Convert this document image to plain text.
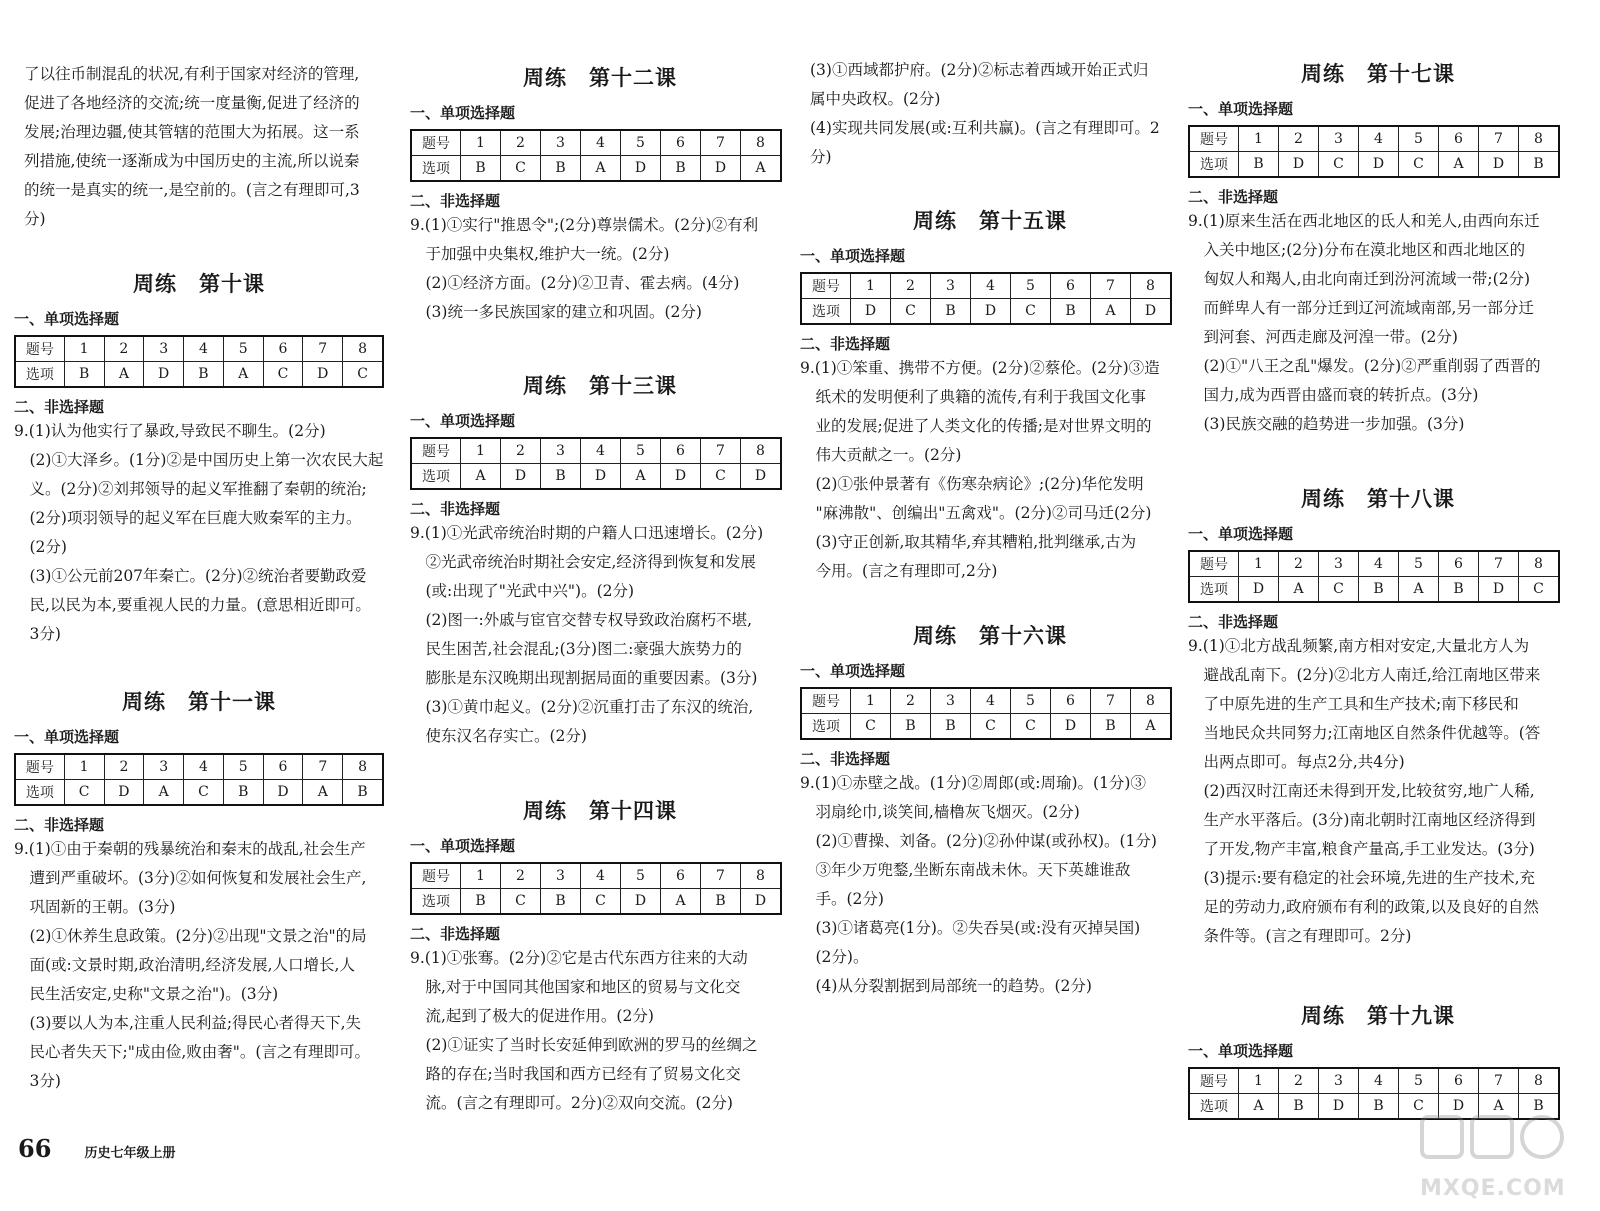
了以往币制混乱的状况,有利于国家对经济的管理,

促进了各地经济的交流;统一度量衡,促进了经济的

发展;治理边疆,使其管辖的范围大为拓展。这一系

列措施,使统一逐渐成为中国历史的主流,所以说秦

的统一是真实的统一,是空前的。(言之有理即可,3

分)

周练　第十课

一、单项选择题

题号	1	2	3	4	5	6	7	8
选项	B	A	D	B	A	C	D	C

二、非选择题

9.(1)认为他实行了暴政,导致民不聊生。(2分)

　(2)①大泽乡。(1分)②是中国历史上第一次农民大起

　义。(2分)②刘邦领导的起义军推翻了秦朝的统治;

　(2分)项羽领导的起义军在巨鹿大败秦军的主力。

　(2分)

　(3)①公元前207年秦亡。(2分)②统治者要勤政爱

　民,以民为本,要重视人民的力量。(意思相近即可。

　3分)

周练　第十一课

一、单项选择题

题号	1	2	3	4	5	6	7	8
选项	C	D	A	C	B	D	A	B

二、非选择题

9.(1)①由于秦朝的残暴统治和秦末的战乱,社会生产

　遭到严重破坏。(3分)②如何恢复和发展社会生产,

　巩固新的王朝。(3分)

　(2)①休养生息政策。(2分)②出现"文景之治"的局

　面(或:文景时期,政治清明,经济发展,人口增长,人

　民生活安定,史称"文景之治")。(3分)

　(3)要以人为本,注重人民利益;得民心者得天下,失

　民心者失天下;"成由俭,败由奢"。(言之有理即可。

　3分)

66	历史七年级上册

周练　第十二课

一、单项选择题

题号	1	2	3	4	5	6	7	8
选项	B	C	B	A	D	B	D	A

二、非选择题

9.(1)①实行"推恩令";(2分)尊崇儒术。(2分)②有利

　于加强中央集权,维护大一统。(2分)

　(2)①经济方面。(2分)②卫青、霍去病。(4分)

　(3)统一多民族国家的建立和巩固。(2分)

周练　第十三课

一、单项选择题

题号	1	2	3	4	5	6	7	8
选项	A	D	B	D	A	D	C	D

二、非选择题

9.(1)①光武帝统治时期的户籍人口迅速增长。(2分)

　②光武帝统治时期社会安定,经济得到恢复和发展

　(或:出现了"光武中兴")。(2分)

　(2)图一:外戚与宦官交替专权导致政治腐朽不堪,

　民生困苦,社会混乱;(3分)图二:豪强大族势力的

　膨胀是东汉晚期出现割据局面的重要因素。(3分)

　(3)①黄巾起义。(2分)②沉重打击了东汉的统治,

　使东汉名存实亡。(2分)

周练　第十四课

一、单项选择题

题号	1	2	3	4	5	6	7	8
选项	B	C	B	C	D	A	B	D

二、非选择题

9.(1)①张骞。(2分)②它是古代东西方往来的大动

　脉,对于中国同其他国家和地区的贸易与文化交

　流,起到了极大的促进作用。(2分)

　(2)①证实了当时长安延伸到欧洲的罗马的丝绸之

　路的存在;当时我国和西方已经有了贸易文化交

　流。(言之有理即可。2分)②双向交流。(2分)

(3)①西域都护府。(2分)②标志着西域开始正式归

属中央政权。(2分)

(4)实现共同发展(或:互利共赢)。(言之有理即可。2

分)

周练　第十五课

一、单项选择题

题号	1	2	3	4	5	6	7	8
选项	D	C	B	D	C	B	A	D

二、非选择题

9.(1)①笨重、携带不方便。(2分)②蔡伦。(2分)③造

　纸术的发明便利了典籍的流传,有利于我国文化事

　业的发展;促进了人类文化的传播;是对世界文明的

　伟大贡献之一。(2分)

　(2)①张仲景著有《伤寒杂病论》;(2分)华佗发明

　"麻沸散"、创编出"五禽戏"。(2分)②司马迁(2分)

　(3)守正创新,取其精华,弃其糟粕,批判继承,古为

　今用。(言之有理即可,2分)

周练　第十六课

一、单项选择题

题号	1	2	3	4	5	6	7	8
选项	C	B	B	C	C	D	B	A

二、非选择题

9.(1)①赤壁之战。(1分)②周郎(或:周瑜)。(1分)③

　羽扇纶巾,谈笑间,樯橹灰飞烟灭。(2分)

　(2)①曹操、刘备。(2分)②孙仲谋(或孙权)。(1分)

　③年少万兜鍪,坐断东南战未休。天下英雄谁敌

　手。(2分)

　(3)①诸葛亮(1分)。②失吞吴(或:没有灭掉吴国)

　(2分)。

　(4)从分裂割据到局部统一的趋势。(2分)

周练　第十七课

一、单项选择题

题号	1	2	3	4	5	6	7	8
选项	B	D	C	D	C	A	D	B

二、非选择题

9.(1)原来生活在西北地区的氐人和羌人,由西向东迁

　入关中地区;(2分)分布在漠北地区和西北地区的

　匈奴人和羯人,由北向南迁到汾河流域一带;(2分)

　而鲜卑人有一部分迁到辽河流域南部,另一部分迁

　到河套、河西走廊及河湟一带。(2分)

　(2)①"八王之乱"爆发。(2分)②严重削弱了西晋的

　国力,成为西晋由盛而衰的转折点。(3分)

　(3)民族交融的趋势进一步加强。(3分)

周练　第十八课

一、单项选择题

题号	1	2	3	4	5	6	7	8
选项	D	A	C	B	A	B	D	C

二、非选择题

9.(1)①北方战乱频繁,南方相对安定,大量北方人为

　避战乱南下。(2分)②北方人南迁,给江南地区带来

　了中原先进的生产工具和生产技术;南下移民和

　当地民众共同努力;江南地区自然条件优越等。(答

　出两点即可。每点2分,共4分)

　(2)西汉时江南还未得到开发,比较贫穷,地广人稀,

　生产水平落后。(3分)南北朝时江南地区经济得到

　了开发,物产丰富,粮食产量高,手工业发达。(3分)

　(3)提示:要有稳定的社会环境,先进的生产技术,充

　足的劳动力,政府颁布有利的政策,以及良好的自然

　条件等。(言之有理即可。2分)

周练　第十九课

一、单项选择题

题号	1	2	3	4	5	6	7	8
选项	A	B	D	B	C	D	A	B
MXQE.COM
